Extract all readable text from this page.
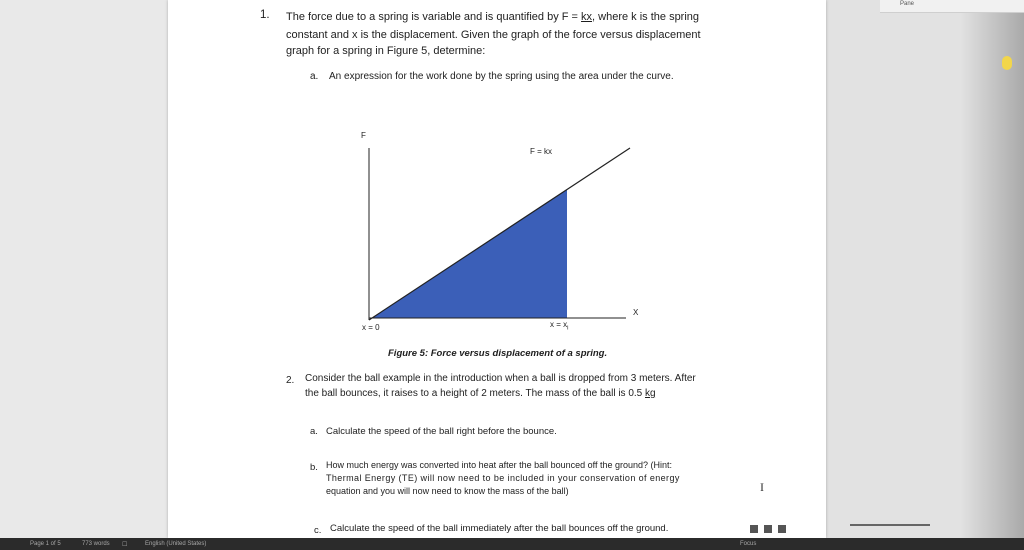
Pane
1. The force due to a spring is variable and is quantified by F = kx, where k is the spring
constant and x is the displacement. Given the graph of the force versus displacement
graph for a spring in Figure 5, determine:
a. An expression for the work done by the spring using the area under the curve.
F
X
F = kx
x = 0	$x = x_i$
Figure 5: Force versus displacement of a spring.
2. Consider the ball example in the introduction when a ball is dropped from 3 meters. After
the ball bounces, it raises to a height of 2 meters. The mass of the ball is 0.5 kg
a. Calculate the speed of the ball right before the bounce.
b. How much energy was converted into heat after the ball bounced off the ground? (Hint:
Thermal Energy (TE) will now need to be included in your conservation of energy
equation and you will now need to know the mass of the ball)
c. Calculate the speed of the ball immediately after the ball bounces off the ground.
I
Page 1 of 5	773 words ☐	English (United States)	Focus
